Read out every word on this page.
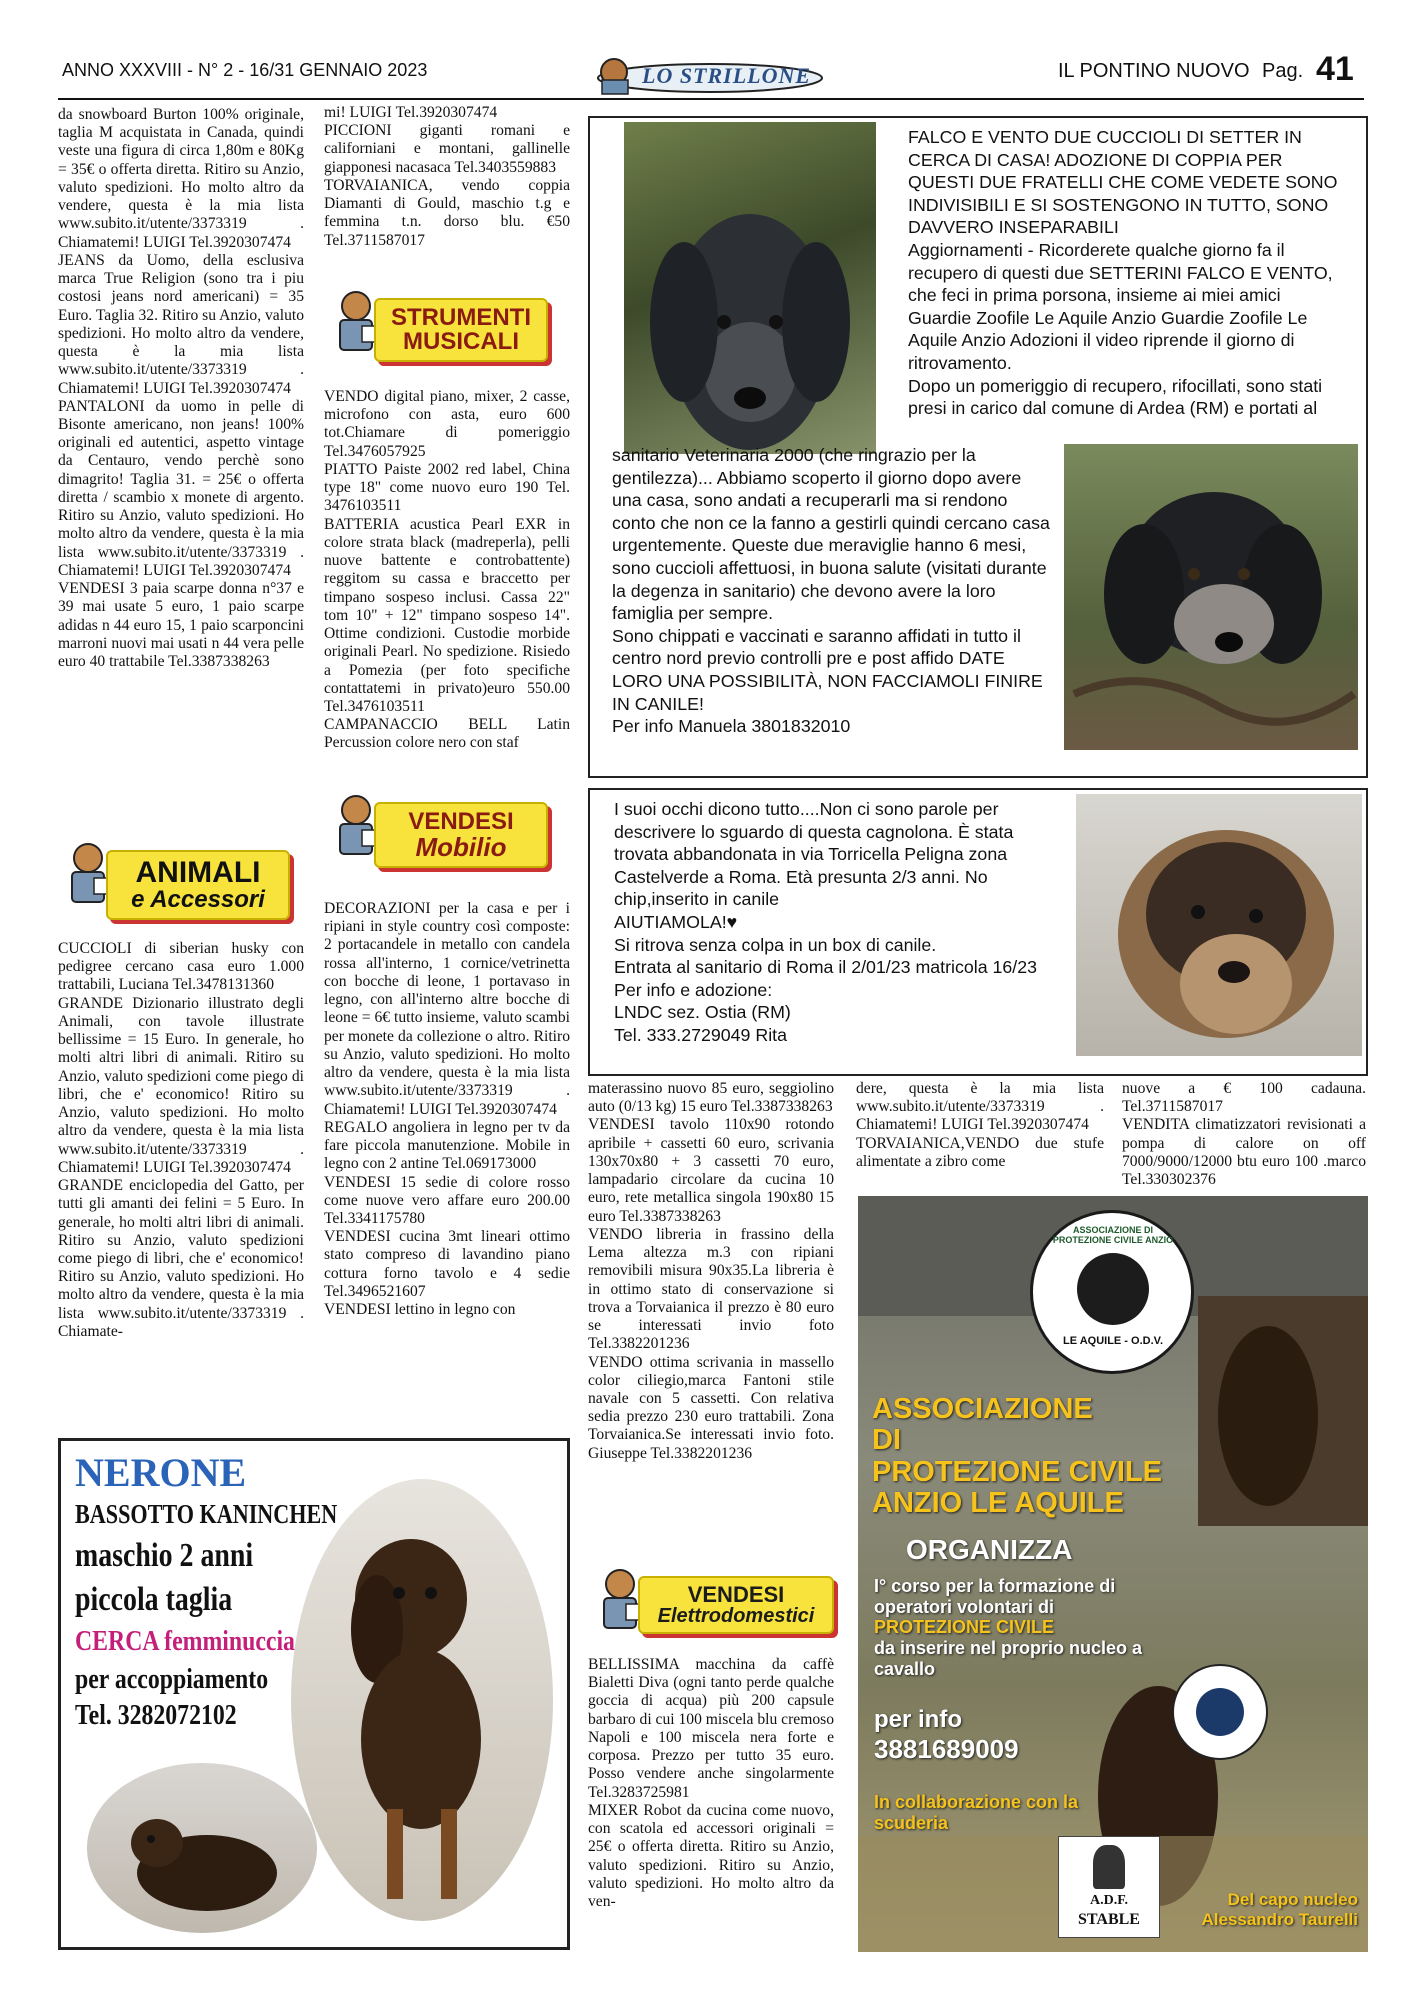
ANNO XXXVIII - N° 2 - 16/31 GENNAIO 2023	LO STRILLONE	IL PONTINO NUOVO Pag. 41

da snowboard Burton 100% originale, taglia M acquistata in Canada, quindi veste una figura di circa 1,80m e 80Kg = 35€ o offerta diretta. Ritiro su Anzio, valuto spedizioni. Ho molto altro da vendere, questa è la mia lista www.subito.it/utente/3373319 . Chiamatemi! LUIGI Tel.3920307474

JEANS da Uomo, della esclusiva marca True Religion (sono tra i piu costosi jeans nord americani) = 35 Euro. Taglia 32. Ritiro su Anzio, valuto spedizioni. Ho molto altro da vendere, questa è la mia lista www.subito.it/utente/3373319 . Chiamatemi! LUIGI Tel.3920307474

PANTALONI da uomo in pelle di Bisonte americano, non jeans! 100% originali ed autentici, aspetto vintage da Centauro, vendo perchè sono dimagrito! Taglia 31. = 25€ o offerta diretta / scambio x monete di argento. Ritiro su Anzio, valuto spedizioni. Ho molto altro da vendere, questa è la mia lista www.subito.it/utente/3373319 . Chiamatemi! LUIGI Tel.3920307474

VENDESI 3 paia scarpe donna n°37 e 39 mai usate 5 euro, 1 paio scarpe adidas n 44 euro 15, 1 paio scarponcini marroni nuovi mai usati n 44 vera pelle euro 40 trattabile Tel.3387338263

ANIMALI
e Accessori

CUCCIOLI di siberian husky con pedigree cercano casa euro 1.000 trattabili, Luciana Tel.3478131360

GRANDE Dizionario illustrato degli Animali, con tavole illustrate bellissime = 15 Euro. In generale, ho molti altri libri di animali. Ritiro su Anzio, valuto spedizioni come piego di libri, che e' economico! Ritiro su Anzio, valuto spedizioni. Ho molto altro da vendere, questa è la mia lista www.subito.it/utente/3373319 . Chiamatemi! LUIGI Tel.3920307474

GRANDE enciclopedia del Gatto, per tutti gli amanti dei felini = 5 Euro. In generale, ho molti altri libri di animali. Ritiro su Anzio, valuto spedizioni come piego di libri, che e' economico! Ritiro su Anzio, valuto spedizioni. Ho molto altro da vendere, questa è la mia lista www.subito.it/utente/3373319 . Chiamate-

mi! LUIGI Tel.3920307474

PICCIONI giganti romani e californiani e montani, gallinelle giapponesi nacasaca Tel.3403559883

TORVAIANICA, vendo coppia Diamanti di Gould, maschio t.g e femmina t.n. dorso blu. €50 Tel.3711587017

STRUMENTI
MUSICALI

VENDO digital piano, mixer, 2 casse, microfono con asta, euro 600 tot.Chiamare di pomeriggio Tel.3476057925

PIATTO Paiste 2002 red label, China type 18" come nuovo euro 190 Tel. 3476103511

BATTERIA acustica Pearl EXR in colore strata black (madreperla), pelli nuove battente e controbattente) reggitom su cassa e braccetto per timpano sospeso inclusi. Cassa 22" tom 10" + 12" timpano sospeso 14". Ottime condizioni. Custodie morbide originali Pearl. No spedizione. Risiedo a Pomezia (per foto specifiche contattatemi in privato)euro 550.00 Tel.3476103511

CAMPANACCIO BELL Latin Percussion colore nero con staf

VENDESI
Mobilio

DECORAZIONI per la casa e per i ripiani in style country così composte: 2 portacandele in metallo con candela rossa all'interno, 1 cornice/vetrinetta con bocche di leone, 1 portavaso in legno, con all'interno altre bocche di leone = 6€ tutto insieme, valuto scambi per monete da collezione o altro. Ritiro su Anzio, valuto spedizioni. Ho molto altro da vendere, questa è la mia lista www.subito.it/utente/3373319 . Chiamatemi! LUIGI Tel.3920307474

REGALO angoliera in legno per tv da fare piccola manutenzione. Mobile in legno con 2 antine Tel.069173000

VENDESI 15 sedie di colore rosso come nuove vero affare euro 200.00 Tel.3341175780

VENDESI cucina 3mt lineari ottimo stato compreso di lavandino piano cottura forno tavolo e 4 sedie Tel.3496521607

VENDESI lettino in legno con

FALCO E VENTO DUE CUCCIOLI DI SETTER IN CERCA DI CASA! ADOZIONE DI COPPIA PER QUESTI DUE FRATELLI CHE COME VEDETE SONO INDIVISIBILI E SI SOSTENGONO IN TUTTO, SONO DAVVERO INSEPARABILI

Aggiornamenti - Ricorderete qualche giorno fa il recupero di questi due SETTERINI FALCO E VENTO, che feci in prima porsona, insieme ai miei amici Guardie Zoofile Le Aquile Anzio Guardie Zoofile Le Aquile Anzio Adozioni il video riprende il giorno di ritrovamento.

Dopo un pomeriggio di recupero, rifocillati, sono stati presi in carico dal comune di Ardea (RM) e portati al

sanitario Veterinaria 2000 (che ringrazio per la gentilezza)... Abbiamo scoperto il giorno dopo avere una casa, sono andati a recuperarli ma si rendono conto che non ce la fanno a gestirli quindi cercano casa urgentemente. Queste due meraviglie hanno 6 mesi, sono cuccioli affettuosi, in buona salute (visitati durante la degenza in sanitario) che devono avere la loro famiglia per sempre.

Sono chippati e vaccinati e saranno affidati in tutto il centro nord previo controlli pre e post affido DATE LORO UNA POSSIBILITÀ, NON FACCIAMOLI FINIRE IN CANILE!

Per info Manuela 3801832010

I suoi occhi dicono tutto....Non ci sono parole per descrivere lo sguardo di questa cagnolona. È stata trovata abbandonata in via Torricella Peligna zona Castelverde a Roma. Età presunta 2/3 anni. No chip,inserito in canile

AIUTIAMOLA!♥

Si ritrova senza colpa in un box di canile.

Entrata al sanitario di Roma il 2/01/23 matricola 16/23

Per info e adozione:

LNDC sez. Ostia (RM)

Tel. 333.2729049 Rita

materassino nuovo 85 euro, seggiolino auto (0/13 kg) 15 euro Tel.3387338263

VENDESI tavolo 110x90 rotondo apribile + cassetti 60 euro, scrivania 130x70x80 + 3 cassetti 70 euro, lampadario circolare da cucina 10 euro, rete metallica singola 190x80 15 euro Tel.3387338263

VENDO libreria in frassino della Lema altezza m.3 con ripiani removibili misura 90x35.La libreria è in ottimo stato di conservazione si trova a Torvaianica il prezzo è 80 euro se interessati invio foto Tel.3382201236

VENDO ottima scrivania in massello color ciliegio,marca Fantoni stile navale con 5 cassetti. Con relativa sedia prezzo 230 euro trattabili. Zona Torvaianica.Se interessati invio foto. Giuseppe Tel.3382201236

VENDESI
Elettrodomestici

BELLISSIMA macchina da caffè Bialetti Diva (ogni tanto perde qualche goccia di acqua) più 200 capsule barbaro di cui 100 miscela blu cremoso Napoli e 100 miscela nera forte e corposa. Prezzo per tutto 35 euro. Posso vendere anche singolarmente Tel.3283725981

MIXER Robot da cucina come nuovo, con scatola ed accessori originali = 25€ o offerta diretta. Ritiro su Anzio, valuto spedizioni. Ritiro su Anzio, valuto spedizioni. Ho molto altro da ven-

dere, questa è la mia lista www.subito.it/utente/3373319 . Chiamatemi! LUIGI Tel.3920307474

TORVAIANICA,VENDO due stufe alimentate a zibro come

nuove a € 100 cadauna. Tel.3711587017

VENDITA climatizzatori revisionati a pompa di calore on off 7000/9000/12000 btu euro 100 .marco Tel.330302376

NERONE
BASSOTTO KANINCHEN
maschio 2 anni
piccola taglia
CERCA femminuccia
per accoppiamento
Tel. 3282072102
ASSOCIAZIONE DI PROTEZIONE CIVILE ANZIO
LE AQUILE - O.D.V.
ASSOCIAZIONE
DI
PROTEZIONE CIVILE
ANZIO LE AQUILE
ORGANIZZA
I° corso per la formazione di operatori volontari di
PROTEZIONE CIVILE
da inserire nel proprio nucleo a cavallo
per info
3881689009
In collaborazione con la scuderia
A.D.F.
STABLE
Del capo nucleo
Alessandro Taurelli
